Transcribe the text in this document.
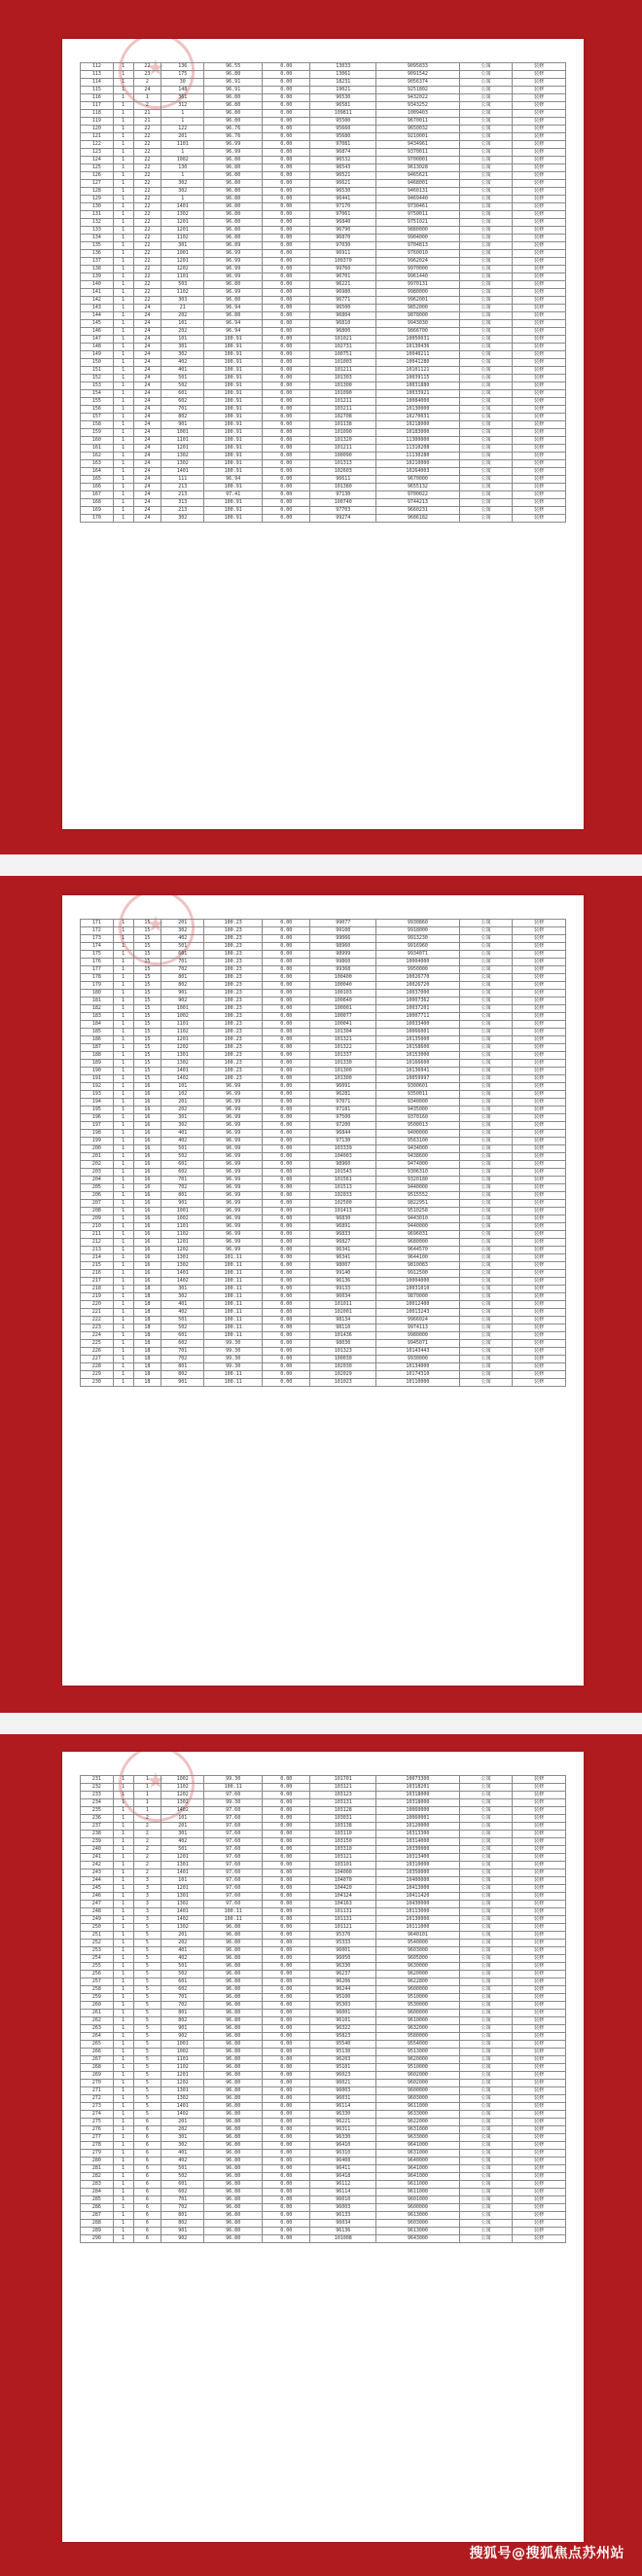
★
112	1	22	136	96.55	0.00	13033	9095833	公寓	装修
113	1	23	175	96.80	0.00	13061	9091542	公寓	装修
114	1	2	30	96.91	0.00	18231	9056374	公寓	装修
115	1	24	148	96.91	0.00	19021	9251802	公寓	装修
116	1	1	361	96.80	0.00	96530	9432022	公寓	装修
117	1	2	312	96.80	0.00	96581	9343252	公寓	装修
118	1	21	1	96.80	0.00	109811	1009403	公寓	装修
119	1	21	1	96.80	0.00	95500	9670011	公寓	装修
120	1	22	122	96.76	0.00	95660	9650032	公寓	装修
121	1	22	201	96.76	0.00	95680	9210001	公寓	装修
122	1	22	1101	96.99	0.00	97081	9434961	公寓	装修
123	1	22	1	96.99	0.00	96874	9370011	公寓	装修
124	1	22	1002	96.80	0.00	96532	9700001	公寓	装修
125	1	22	130	96.80	0.00	96543	9613028	公寓	装修
126	1	22	1	96.80	0.00	96521	9465621	公寓	装修
127	1	22	302	96.80	0.00	96621	9468001	公寓	装修
128	1	22	302	96.80	0.00	96530	9460131	公寓	装修
129	1	22	1	96.80	0.00	96441	9469440	公寓	装修
130	1	22	1401	96.80	0.00	97170	9730461	公寓	装修
131	1	22	1302	96.80	0.00	97061	9750011	公寓	装修
132	1	22	1201	96.80	0.00	96840	9751021	公寓	装修
133	1	22	1201	96.80	0.00	96790	9880000	公寓	装修
134	1	22	1102	96.80	0.00	96870	9904000	公寓	装修
135	1	22	301	96.89	0.00	97030	9704813	公寓	装修
136	1	22	1001	96.99	0.00	96911	9760010	公寓	装修
137	1	22	1201	96.99	0.00	109370	9962024	公寓	装修
138	1	22	1202	96.99	0.00	99760	9970000	公寓	装修
139	1	22	1101	96.99	0.00	96701	9961440	公寓	装修
140	1	22	503	96.80	0.00	96221	9970131	公寓	装修
141	1	22	1102	96.99	0.00	96980	9980000	公寓	装修
142	1	22	303	96.80	0.00	96771	9962001	公寓	装修
143	1	24	21	96.94	0.00	96500	9852000	公寓	装修
144	1	24	202	96.80	0.00	96804	9878000	公寓	装修
145	1	24	101	96.94	0.00	96810	9943030	公寓	装修
146	1	24	202	96.94	0.00	96800	9866700	公寓	装修
147	1	24	101	100.91	0.00	101021	10050031	公寓	装修
148	1	24	301	100.91	0.00	102731	10130436	公寓	装修
149	1	24	302	100.91	0.00	100751	10040211	公寓	装修
150	1	24	402	100.91	0.00	101003	10041280	公寓	装修
151	1	24	401	100.91	0.00	101211	10101121	公寓	装修
152	1	24	501	100.91	0.00	101303	10039115	公寓	装修
153	1	24	502	100.91	0.00	101300	10031880	公寓	装修
154	1	24	601	100.91	0.00	101090	10033921	公寓	装修
155	1	24	602	100.91	0.00	101211	10084000	公寓	装修
156	1	24	701	100.91	0.00	103211	10130000	公寓	装修
157	1	24	802	100.91	0.00	102708	10270031	公寓	装修
158	1	24	901	100.91	0.00	101138	10218000	公寓	装修
159	1	24	1001	100.91	0.00	101090	10183000	公寓	装修
160	1	24	1101	100.91	0.00	101320	11300000	公寓	装修
161	1	24	1201	100.91	0.00	101211	11310208	公寓	装修
162	1	24	1302	100.91	0.00	100090	11130280	公寓	装修
163	1	24	1302	100.91	0.00	101313	10210000	公寓	装修
164	1	24	1401	100.91	0.00	102603	10264003	公寓	装修
165	1	24	111	96.94	0.00	96611	9670000	公寓	装修
166	1	24	213	100.91	0.00	101380	9655132	公寓	装修
167	1	24	213	97.41	0.00	97130	9700022	公寓	装修
168	1	24	313	100.91	0.00	100740	9744213	公寓	装修
169	1	24	213	100.91	0.00	97703	9660231	公寓	装修
170	1	24	302	100.91	0.00	99274	9686182	公寓	装修
★
171	1	15	201	100.23	0.00	99077	9930860	公寓	装修
172	1	15	302	100.23	0.00	99100	9918000	公寓	装修
173	1	15	402	100.23	0.00	99066	9913230	公寓	装修
174	1	15	501	100.23	0.00	98960	9916960	公寓	装修
175	1	15	601	100.23	0.00	98999	9934071	公寓	装修
176	1	15	701	100.23	0.00	99860	10004000	公寓	装修
177	1	15	702	100.23	0.00	99368	9950000	公寓	装修
178	1	15	801	100.23	0.00	100400	10026770	公寓	装修
179	1	15	802	100.23	0.00	100040	10026720	公寓	装修
180	1	15	901	100.23	0.00	100103	10037000	公寓	装修
181	1	15	902	100.23	0.00	100840	10007362	公寓	装修
182	1	15	1001	100.23	0.00	100001	10037201	公寓	装修
183	1	15	1002	100.23	0.00	100077	10007711	公寓	装修
184	1	15	1101	100.23	0.00	100041	10033400	公寓	装修
185	1	15	1102	100.23	0.00	101304	10066001	公寓	装修
186	1	15	1201	100.23	0.00	101321	10135000	公寓	装修
187	1	15	1202	100.23	0.00	101322	10158600	公寓	装修
188	1	15	1301	100.23	0.00	101337	10153000	公寓	装修
189	1	15	1302	100.23	0.00	101330	10166600	公寓	装修
190	1	15	1401	100.23	0.00	101300	10136041	公寓	装修
191	1	15	1402	100.23	0.00	101300	10059997	公寓	装修
192	1	16	101	96.99	0.00	96091	9300601	公寓	装修
193	1	16	102	96.99	0.00	96281	9350011	公寓	装修
194	1	16	201	96.99	0.00	97071	9340000	公寓	装修
195	1	16	202	96.99	0.00	97181	9435000	公寓	装修
196	1	16	301	96.99	0.00	97500	9370160	公寓	装修
197	1	16	302	96.99	0.00	97200	9500013	公寓	装修
198	1	16	401	96.99	0.00	96844	9400000	公寓	装修
199	1	16	402	96.99	0.00	97130	9563100	公寓	装修
200	1	16	501	96.99	0.00	103339	9434000	公寓	装修
201	1	16	502	96.99	0.00	104003	9438600	公寓	装修
202	1	16	601	96.99	0.00	98960	9474000	公寓	装修
203	1	16	602	96.99	0.00	101543	9306310	公寓	装修
204	1	16	701	96.99	0.00	101561	9320180	公寓	装修
205	1	16	702	96.99	0.00	101513	9440000	公寓	装修
206	1	16	801	96.99	0.00	102033	9515552	公寓	装修
207	1	16	901	96.99	0.00	102500	9822951	公寓	装修
208	1	16	1001	96.99	0.00	101413	9510258	公寓	装修
209	1	16	1002	96.99	0.00	96830	9443010	公寓	装修
210	1	16	1101	96.99	0.00	96891	9440000	公寓	装修
211	1	16	1102	96.99	0.00	96833	9696031	公寓	装修
212	1	16	1201	96.99	0.00	96827	9680000	公寓	装修
213	1	16	1202	96.99	0.00	96341	9644570	公寓	装修
214	1	16	1301	101.11	0.00	96341	9644100	公寓	装修
215	1	16	1302	100.11	0.00	98007	9810083	公寓	装修
216	1	16	1401	100.11	0.00	99140	9912500	公寓	装修
217	1	16	1402	100.11	0.00	96136	10004000	公寓	装修
218	1	18	301	100.11	0.00	99133	10031010	公寓	装修
219	1	18	302	100.11	0.00	96034	9870000	公寓	装修
220	1	18	401	100.11	0.00	101011	10012400	公寓	装修
221	1	18	402	100.11	0.00	102001	10013243	公寓	装修
222	1	18	501	100.11	0.00	98134	9966024	公寓	装修
223	1	18	502	100.11	0.00	98110	9974113	公寓	装修
224	1	18	601	100.11	0.00	101436	9980000	公寓	装修
225	1	18	602	99.30	0.00	98030	9945071	公寓	装修
226	1	18	701	99.30	0.00	101323	10143443	公寓	装修
227	1	18	702	99.30	0.00	100030	9930000	公寓	装修
228	1	18	801	99.30	0.00	102030	10134000	公寓	装修
229	1	18	802	100.11	0.00	102029	10174310	公寓	装修
230	1	18	901	100.11	0.00	101023	10110000	公寓	装修
★
231	1	1	1002	99.30	0.00	101701	10073300	公寓	装修
232	1	1	1102	100.11	0.00	103121	10318201	公寓	装修
233	1	1	1202	97.60	0.00	103123	10318000	公寓	装修
234	1	1	1302	99.30	0.00	103131	10318000	公寓	装修
235	1	1	1402	97.60	0.00	103128	10060000	公寓	装修
236	1	2	101	97.60	0.00	103031	10060001	公寓	装修
237	1	2	201	97.60	0.00	103138	10120000	公寓	装修
238	1	2	301	97.60	0.00	103110	10313300	公寓	装修
239	1	2	402	97.60	0.00	103150	10314000	公寓	装修
240	1	2	501	97.60	0.00	103310	10330000	公寓	装修
241	1	2	1201	97.60	0.00	103121	10313400	公寓	装修
242	1	2	1301	97.60	0.00	103101	10310000	公寓	装修
243	1	2	1401	97.60	0.00	104000	10350000	公寓	装修
244	1	3	101	97.60	0.00	104070	10400000	公寓	装修
245	1	3	1201	97.60	0.00	104420	10413000	公寓	装修
246	1	3	1301	97.60	0.00	104124	10411420	公寓	装修
247	1	3	1302	97.60	0.00	104163	10430000	公寓	装修
248	1	3	1401	100.11	0.00	101131	10113000	公寓	装修
249	1	3	1402	100.11	0.00	101131	10130000	公寓	装修
250	1	5	1302	96.80	0.00	101121	10111000	公寓	装修
251	1	5	201	96.80	0.00	95370	9640101	公寓	装修
252	1	5	202	96.80	0.00	95333	9540000	公寓	装修
253	1	5	401	96.80	0.00	96001	9603000	公寓	装修
254	1	5	402	96.80	0.00	96050	9605000	公寓	装修
255	1	5	501	96.80	0.00	96330	9630000	公寓	装修
256	1	5	502	96.80	0.00	96237	9620000	公寓	装修
257	1	5	601	96.80	0.00	96206	9622800	公寓	装修
258	1	5	602	96.80	0.00	96244	9600000	公寓	装修
259	1	5	701	96.80	0.00	95100	9510000	公寓	装修
260	1	5	702	96.80	0.00	95303	9530000	公寓	装修
261	1	5	801	96.80	0.00	96001	9600000	公寓	装修
262	1	5	802	96.80	0.00	96101	9610000	公寓	装修
263	1	5	901	96.80	0.00	96322	9632000	公寓	装修
264	1	5	902	96.80	0.00	95823	9580000	公寓	装修
265	1	5	1001	96.80	0.00	95540	9554000	公寓	装修
266	1	5	1002	96.80	0.00	95130	9513000	公寓	装修
267	1	5	1101	96.80	0.00	96203	9620000	公寓	装修
268	1	5	1102	96.80	0.00	95101	9510000	公寓	装修
269	1	5	1201	96.80	0.00	96023	9602000	公寓	装修
270	1	5	1202	96.80	0.00	96021	9602000	公寓	装修
271	1	5	1301	96.80	0.00	96003	9600000	公寓	装修
272	1	5	1302	96.80	0.00	96031	9603000	公寓	装修
273	1	5	1401	96.80	0.00	96114	9611000	公寓	装修
274	1	5	1402	96.80	0.00	96330	9633000	公寓	装修
275	1	6	201	96.80	0.00	96221	9622000	公寓	装修
276	1	6	202	96.80	0.00	96311	9631000	公寓	装修
277	1	6	301	96.80	0.00	96330	9633000	公寓	装修
278	1	6	302	96.80	0.00	96410	9641000	公寓	装修
279	1	6	401	96.80	0.00	96310	9631000	公寓	装修
280	1	6	402	96.80	0.00	96408	9640000	公寓	装修
281	1	6	501	96.80	0.00	96411	9641000	公寓	装修
282	1	6	502	96.80	0.00	96418	9641000	公寓	装修
283	1	6	601	96.80	0.00	96112	9611000	公寓	装修
284	1	6	602	96.80	0.00	96114	9611000	公寓	装修
285	1	6	701	96.80	0.00	96010	9601000	公寓	装修
286	1	6	702	96.80	0.00	96003	9600000	公寓	装修
287	1	6	801	96.80	0.00	96133	9613000	公寓	装修
288	1	6	802	96.80	0.00	96034	9603000	公寓	装修
289	1	6	901	96.80	0.00	96136	9613000	公寓	装修
290	1	6	902	96.80	0.00	101008	9643000	公寓	装修
搜狐号@搜狐焦点苏州站
